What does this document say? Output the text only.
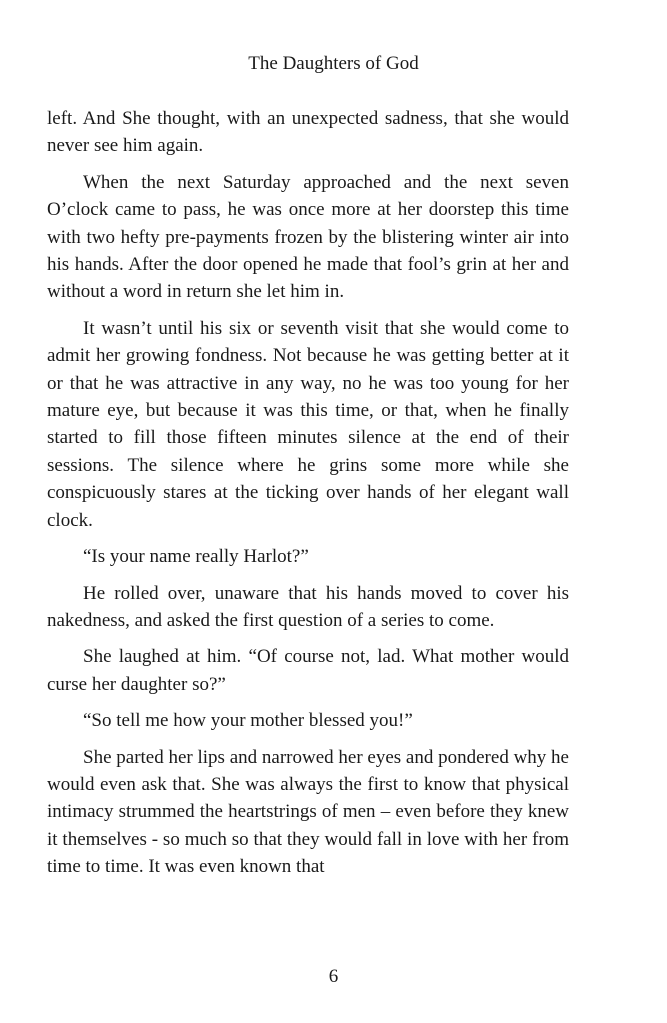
The Daughters of God

left. And She thought, with an unexpected sadness, that she would never see him again.

When the next Saturday approached and the next seven O’clock came to pass, he was once more at her doorstep this time with two hefty pre-payments frozen by the blistering winter air into his hands. After the door opened he made that fool’s grin at her and without a word in return she let him in.

It wasn’t until his six or seventh visit that she would come to admit her growing fondness. Not because he was getting better at it or that he was attractive in any way, no he was too young for her mature eye, but because it was this time, or that, when he finally started to fill those fifteen minutes silence at the end of their sessions. The silence where he grins some more while she conspicuously stares at the ticking over hands of her elegant wall clock.

“Is your name really Harlot?”

He rolled over, unaware that his hands moved to cover his nakedness, and asked the first question of a series to come.

She laughed at him. “Of course not, lad. What mother would curse her daughter so?”

“So tell me how your mother blessed you!”

She parted her lips and narrowed her eyes and pondered why he would even ask that. She was always the first to know that physical intimacy strummed the heartstrings of men – even before they knew it themselves - so much so that they would fall in love with her from time to time. It was even known that

6
